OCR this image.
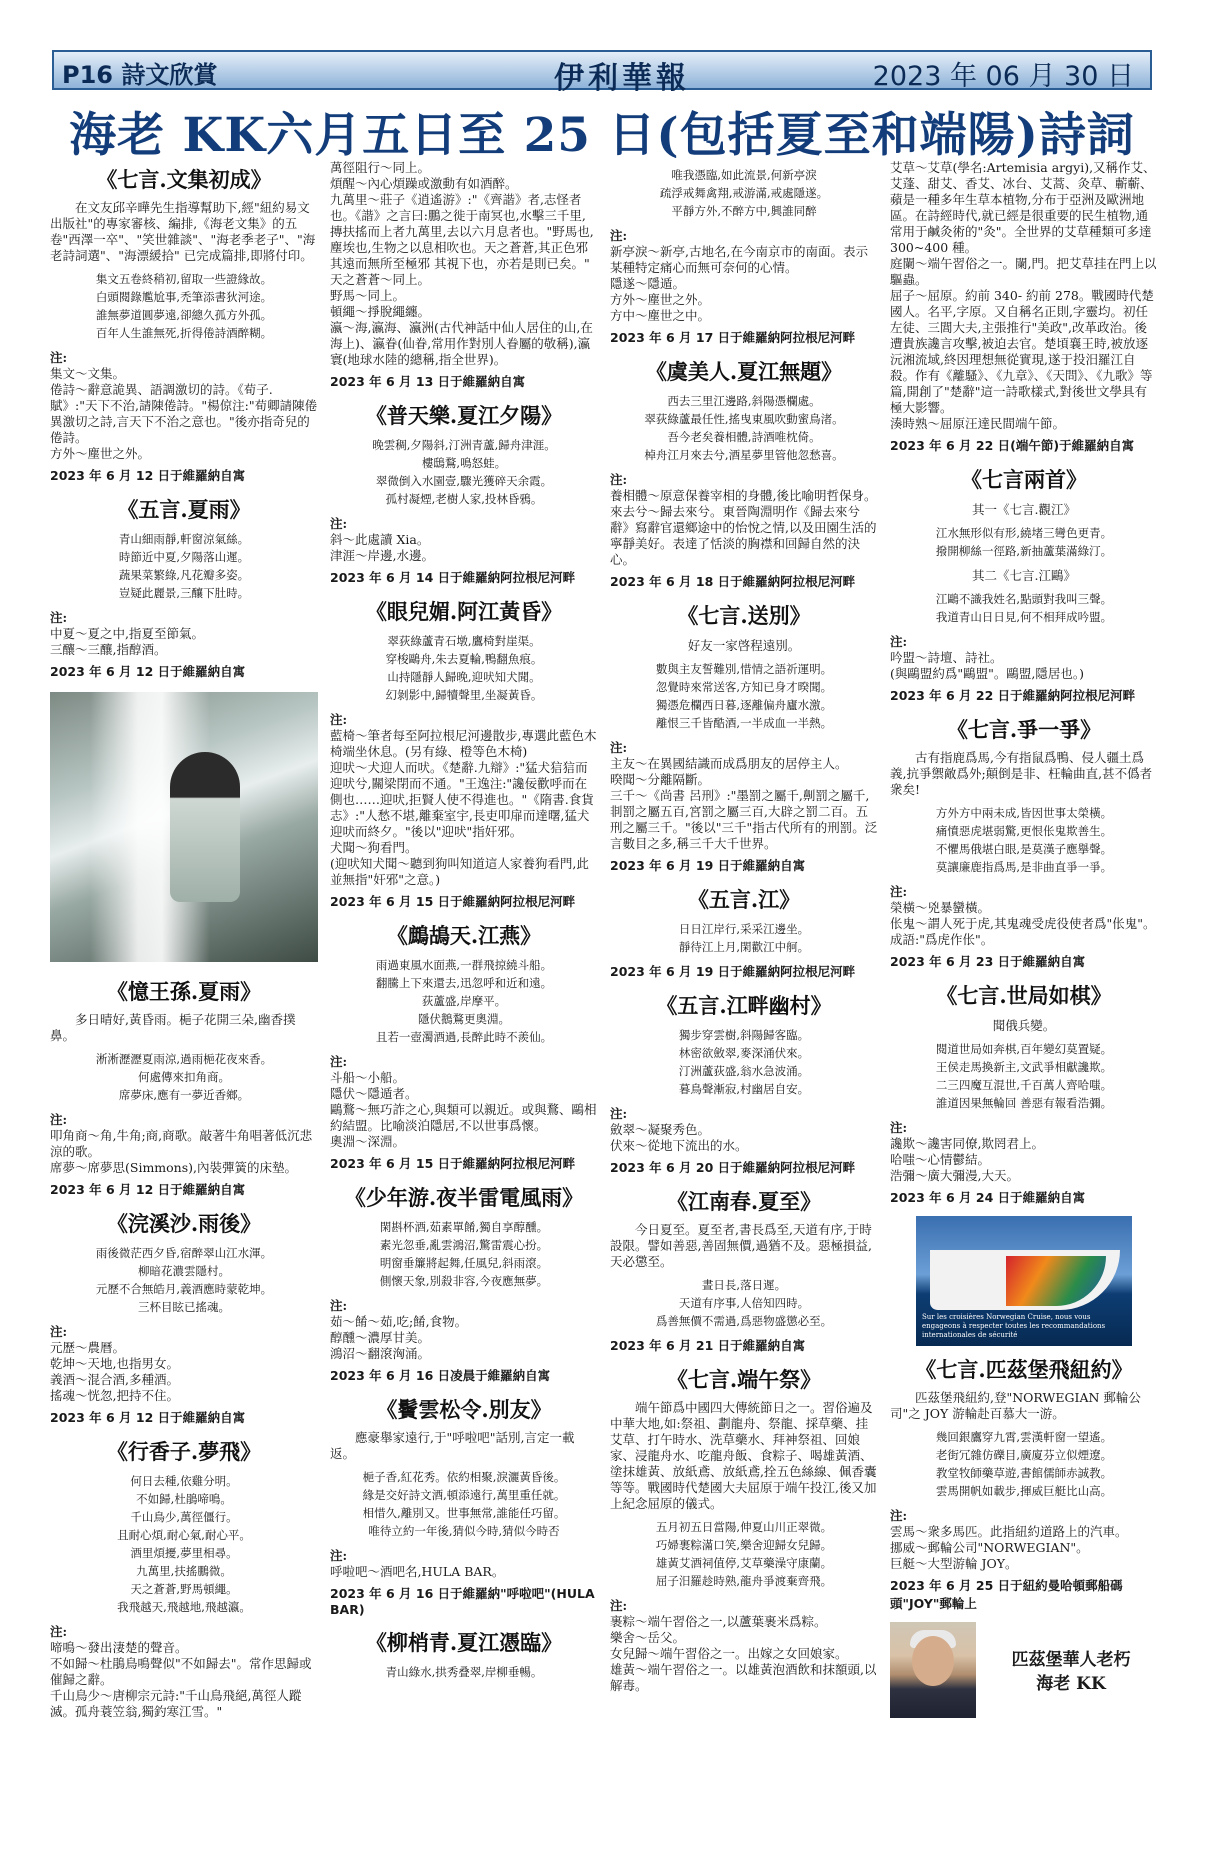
P16 詩文欣賞	伊利華報	2023 年 06 月 30 日
海老 KK六月五日至 25 日(包括夏至和端陽)詩詞
《七言.文集初成》
在文友邱辛曄先生指導幫助下,經"紐約易文出版社"的專家審核、編排,《海老文集》的五卷"西澤一卒"、"笑世雜談"、"海老季老子"、"海老詩詞選"、"海漂緩拾" 已完成篇排,即將付印。
集文五卷終稍初,留取一些證緣故。
白頭閱錄尷尬事,禿筆添書狄河途。
誰無夢道圓夢遠,卻總久孤方外孤。
百年人生誰無死,折得倦詩酒醉糊。
注:
集文～文集。
倦詩～辭意詭異、語調激切的詩。《荀子.賦》:"天下不治,請陳倦詩。"楊倞注:"荀卿請陳倦異激切之詩,言天下不治之意也。"後亦指奇兒的倦詩。
方外～塵世之外。
2023 年 6 月 12 日于維羅納自寓
《五言.夏雨》
青山細雨靜,軒窗涼氣絲。
時節近中夏,夕陽落山遲。
蔬果菜繁綠,凡花瓣多姿。
豈疑此麗景,三釀下肚時。
注:
中夏～夏之中,指夏至節氣。
三釀～三釀,指醇酒。
2023 年 6 月 12 日于維羅納自寓
《憶王孫.夏雨》
多日晴好,黃昏雨。梔子花開三朵,幽香撲鼻。
淅淅瀝瀝夏雨涼,過雨梔花夜來香。
何處傳來扣角商。
席夢床,應有一夢近香鄉。
注:
叩角商～角,牛角;商,商歌。敲著牛角唱著低沉悲涼的歌。
席夢～席夢思(Simmons),內裝彈簧的床墊。
2023 年 6 月 12 日于維羅納自寓
《浣溪沙.雨後》
雨後微茫西夕昏,宿醉翠山江水渾。
柳暗花濃雲隱村。
元歷不合無皓月,義酒應時蒙乾坤。
三杯目眩已搖魂。
注:
元歷～農曆。
乾坤～天地,也指男女。
義酒～混合酒,多種酒。
搖魂～恍忽,把持不住。
2023 年 6 月 12 日于維羅納自寓
《行香子.夢飛》
何日去種,依雞分明。
不如歸,杜鵑啼鳴。
千山鳥少,萬徑僵行。
且耐心煩,耐心氣,耐心平。
酒里煩擾,夢里相尋。
九萬里,扶搖鵬微。
天之蒼蒼,野馬頓繩。
我飛越天,飛越地,飛越瀛。
注:
啼鳴～發出淒楚的聲音。
不如歸～杜鵑鳥鳴聲似"不如歸去"。常作思歸或催歸之辭。
千山鳥少～唐柳宗元詩:"千山鳥飛絕,萬徑人蹤滅。孤舟蓑笠翁,獨釣寒江雪。"
萬徑阻行～同上。
煩醒～內心煩躁或激動有如酒醉。
九萬里～莊子《逍遙游》:"《齊諧》者,志怪者也。《諧》之言曰:鵬之徙于南冥也,水擊三千里,摶扶搖而上者九萬里,去以六月息者也。"野馬也,塵埃也,生物之以息相吹也。天之蒼蒼,其正色邪 其遠而無所至極邪 其視下也，亦若是則已矣。"
天之蒼蒼～同上。
野馬～同上。
頓繩～掙脫繩纏。
瀛～海,瀛海、瀛洲(古代神話中仙人居住的山,在海上)、瀛眷(仙眷,常用作對別人眷屬的敬稱),瀛寰(地球水陸的總稱,指全世界)。
2023 年 6 月 13 日于維羅納自寓
《普天樂.夏江夕陽》
晚雲稠,夕陽斜,汀洲青蘆,歸舟津涯。
樓鴟鶩,鳴怒蛙。
翠微倒入水園壹,驟光獲碎天余霞。
孤村凝煙,老樹人家,投林昏鴉。
注:
斜～此處讀 Xia。
津涯～岸邊,水邊。
2023 年 6 月 14 日于維羅納阿拉根尼河畔
《眼兒媚.阿江黃昏》
翠荻綠蘆青石墩,鷹椅對崖渠。
穿梭鷗舟,朱去夏輪,鴨翻魚痕。
山持隱靜人歸晚,迎吠知犬聞。
幻剝影中,歸犢聲里,坐凝黃昏。
注:
藍椅～筆者每至阿拉根尼河邊散步,專選此藍色木椅端坐休息。(另有綠、橙等色木椅)
迎吠～犬迎人而吠。《楚辭.九辯》:"猛犬狺狺而迎吠兮,關梁閉而不通。"王逸注:"讒佞歡呼而在側也……迎吠,拒賢人使不得進也。"《隋書.食貨志》:"人愁不堪,離棄室宇,長吏叩扉而達曙,猛犬迎吠而終夕。"後以"迎吠"指奸邪。
犬聞～狗看門。
(迎吠知犬聞～聽到狗叫知道這人家養狗看門,此並無指"奸邪"之意。)
2023 年 6 月 15 日于維羅納阿拉根尼河畔
《鷓鴣天.江燕》
雨過東風水面燕,一群飛掠繞斗船。
翻騰上下來還去,迅忽呼和近和遠。
荻蘆盛,岸摩平。
隱伏鵝鶩更奧淵。
且若一壺濁酒過,長醉此時不羨仙。
注:
斗船～小船。
隱伏～隱遁者。
鷗鶩～無巧詐之心,與類可以親近。或與鶩、鷗相約結盟。比喻淡泊隱居,不以世事爲懷。
奧淵～深淵。
2023 年 6 月 15 日于維羅納阿拉根尼河畔
《少年游.夜半雷電風雨》
閑斟杯酒,茹素單餚,獨自享醇醺。
素光忽垂,亂雲鴻沼,驚雷震心扮。
明窗垂簾將起舞,任風兒,斜雨滾。
側懷天象,別殺非容,今夜應無夢。
注:
茹～餚～茹,吃;餚,食物。
醇醺～濃厚甘美。
鴻沼～翻滾洶涌。
2023 年 6 月 16 日凌晨于維羅納自寓
《鬢雲松令.別友》
應豪舉家遠行,于"呼啦吧"話別,言定一載返。
梔子香,紅花秀。依約相聚,淚灑黃昏後。
緣是交好詩文酒,頓添遠行,萬里重任就。
相惜久,離別又。世事無常,誰能任巧留。
唯待立約一年後,猜似今時,猜似今時否
注:
呼啦吧～酒吧名,HULA BAR。
2023 年 6 月 16 日于維羅納"呼啦吧"(HULA BAR)
《柳梢青.夏江憑臨》
青山綠水,拱秀叠翠,岸柳垂暢。
唯我憑臨,如此流景,何新亭淚
疏浮戒舞禽翔,戒游滿,戒處隱遂。
平靜方外,不醉方中,興誰同醉
注:
新亭淚～新亭,古地名,在今南京市的南面。表示某種特定痛心而無可奈何的心情。
隱遂～隱遁。
方外～塵世之外。
方中～塵世之中。
2023 年 6 月 17 日于維羅納阿拉根尼河畔
《虞美人.夏江無題》
西去三里江邊路,斜陽憑欄處。
翠荻綠蘆最任性,搖曳東風吹動蜜鳥渚。
吾今老矣養相體,詩酒唯枕倚。
棹舟江月來去兮,酒星夢里管他忽愁喜。
注:
養相體～原意保養宰相的身體,後比喻明哲保身。
來去兮～歸去來兮。東晉陶淵明作《歸去來兮辭》寫辭官還鄉途中的怡悅之情,以及田園生活的寧靜美好。表達了恬淡的胸襟和回歸自然的決心。
2023 年 6 月 18 日于維羅納阿拉根尼河畔
《七言.送別》
好友一家啓程遠別。
數與主友誓難別,惜情之語祈運明。
忽覺時來常送客,方知已身才暌聞。
獨憑危欄西日暮,逐離偏舟廬水激。
離恨三千皆酷酒,一半成血一半熱。
注:
主友～在異國結識而成爲朋友的居停主人。
暌聞～分離隔斷。
三千～《尚書 呂刑》:"墨罰之屬千,劓罰之屬千,剕罰之屬五百,宮罰之屬三百,大辟之罰二百。五刑之屬三千。"後以"三千"指古代所有的刑罰。泛言數目之多,稱三千大千世界。
2023 年 6 月 19 日于維羅納自寓
《五言.江》
日日江岸行,采采江邊坐。
靜待江上月,閑歡江中舸。
2023 年 6 月 19 日于維羅納阿拉根尼河畔
《五言.江畔幽村》
獨步穿雲樹,斜陽歸客臨。
林密欲斂翠,麥深涌伏來。
汀洲蘆荻盛,翁水急波涌。
暮鳥聲漸寂,村幽居自安。
注:
斂翠～凝聚秀色。
伏來～從地下流出的水。
2023 年 6 月 20 日于維羅納阿拉根尼河畔
《江南春.夏至》
今日夏至。夏至者,書長爲至,天道有序,于時設限。譬如善惡,善固無價,過猶不及。惡極損益,天必懲至。
晝日長,落日遲。
天道有序事,人倍知四時。
爲善無價不需過,爲惡物盛懲必至。
2023 年 6 月 21 日于維羅納自寓
《七言.端午祭》
端午節爲中國四大傳統節日之一。習俗遍及中華大地,如:祭祖、劃龍舟、祭龍、採草藥、挂艾草、打午時水、洗草藥水、拜神祭祖、回娘家、浸龍舟水、吃龍舟飯、食粽子、喝雄黃酒、塗抹雄黃、放紙鳶、放紙鳶,拴五色絲線、佩香囊等等。戰國時代楚國大夫屈原于端午投江,後又加上紀念屈原的儀式。
五月初五日當陽,伸夏山川正翠微。
巧婦裹粽滿口笑,樂舍迎歸女兒歸。
雄黃艾酒祠值停,艾草藥澡守康蘭。
屈子汨羅趁時熟,龍舟爭渡棄齊飛。
注:
裹粽～端午習俗之一,以蘆葉裹米爲粽。
樂舍～岳父。
女兒歸～端午習俗之一。出嫁之女回娘家。
雄黃～端午習俗之一。以雄黃泡酒飲和抹額頭,以解毒。
艾草～艾草(學名:Artemisia argyi),又稱作艾、艾蓬、甜艾、香艾、冰台、艾蒿、灸草、蘄蘄、蘋是一種多年生草本植物,分布于亞洲及歐洲地區。在詩經時代,就已經是很重要的民生植物,通常用于鹹灸術的"灸"。全世界的艾草種類可多達 300~400 種。
庭闌～端午習俗之一。闌,門。把艾草挂在門上以驅蟲。
屈子～屈原。約前 340- 約前 278。戰國時代楚國人。名平,字原。又自稱名正則,字靈均。初任左徒、三閭大夫,主張推行"美政",改革政治。後遭貴族讒言攻擊,被迫去官。楚頃襄王時,被放逐沅湘流域,終因理想無從實現,遂于投汨羅江自殺。作有《離騷》、《九章》、《天問》、《九歌》等篇,開創了"楚辭"這一詩歌樣式,對後世文學具有極大影響。
湊時熟～屈原汪達民間端午節。
2023 年 6 月 22 日(端午節)于維羅納自寓
《七言兩首》
其一《七言.觀江》
江水無形似有形,繞堵三彎色更青。
撥開柳絲一徑路,新抽蘆葉滿綠汀。
其二《七言.江鷗》
江鷗不識我姓名,點頭對我叫三聲。
我道青山日日見,何不相拜成吟盟。
注:
吟盟～詩壇、詩社。
(與鷗盟約爲"鷗盟"。鷗盟,隱居也。)
2023 年 6 月 22 日于維羅納阿拉根尼河畔
《七言.爭一爭》
古有指鹿爲馬,今有指鼠爲鴨、侵人疆土爲義,抗爭禦敵爲外;顛倒是非、枉輪曲直,甚不僞者衆矣!
方外方中兩未成,皆因世事太榮橫。
痛憤惡虎堪弱驚,更恨伥鬼欺善生。
不懼馬俄堪白眼,是莫漢子應擧聲。
莫讓廉鹿指爲馬,是非曲直爭一爭。
注:
榮橫～兇暴蠻橫。
伥鬼～謂人死于虎,其鬼魂受虎役使者爲"伥鬼"。成語:"爲虎作伥"。
2023 年 6 月 23 日于維羅納自寓
《七言.世局如棋》
聞俄兵變。
閱道世局如奔棋,百年變幻莫置疑。
王侯走馬換新主,文武爭相獻讒欺。
二三四魔互混世,千百萬人齊哈嗤。
誰道因果無輪回 善惡有報看浩彌。
注:
讒欺～讒害同僚,欺罔君上。
哈嗤～心情鬱結。
浩彌～廣大彌漫,大天。
2023 年 6 月 24 日于維羅納自寓
Sur les croisières Norwegian Cruise, nous vous engageons à respecter toutes les recommandations internationales de sécurité
《七言.匹茲堡飛紐約》
匹茲堡飛紐約,登"NORWEGIAN 郵輪公司"之 JOY 游輪赴百慕大一游。
幾回銀鷹穿九霄,雲漢軒窗一望遙。
老街冗雜仿礫目,廣廈芬立似煙遼。
教堂牧師藥草遊,書館儒師赤誠教。
雲馬開帆如載步,揮威巨艇比山高。
注:
雲馬～衆多馬匹。此指紐約道路上的汽車。
挪威～郵輪公司"NORWEGIAN"。
巨艇～大型游輪 JOY。
2023 年 6 月 25 日于紐約曼哈頓郵船碼頭"JOY"郵輪上
匹茲堡華人老朽
海老 KK
